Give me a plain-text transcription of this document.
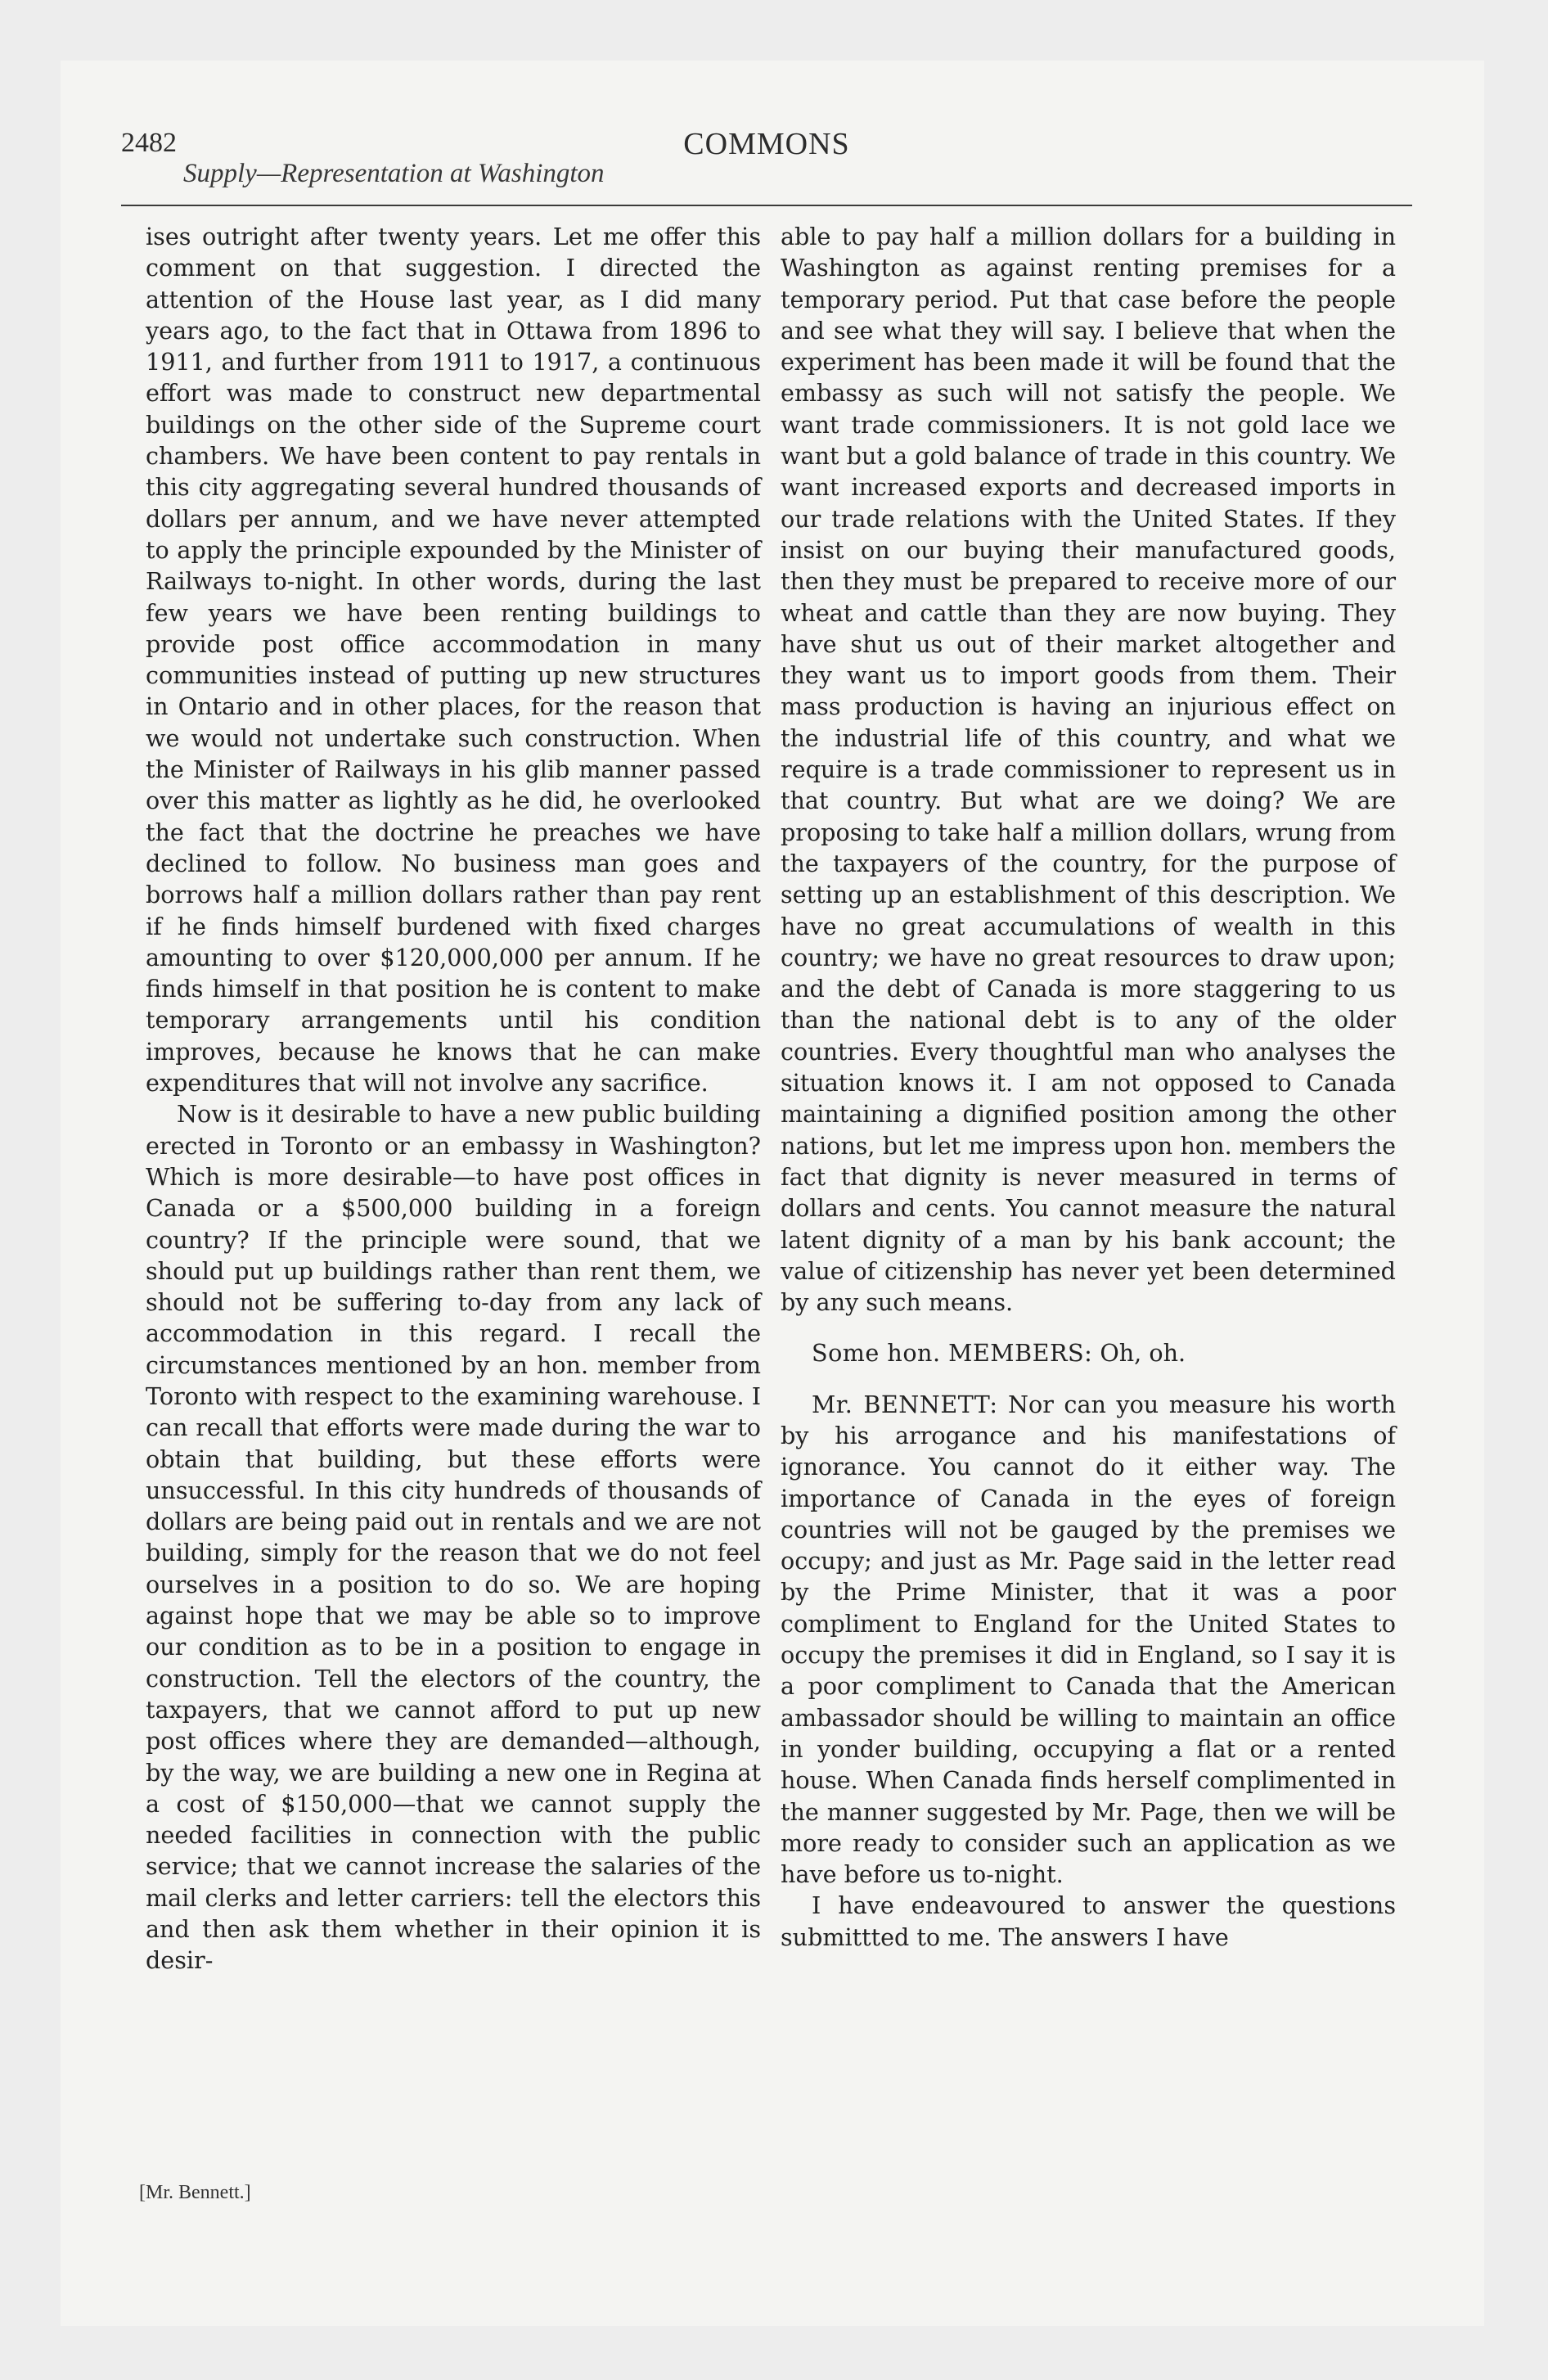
2482	COMMONS
Supply—Representation at Washington

ises outright after twenty years. Let me offer this comment on that suggestion. I directed the attention of the House last year, as I did many years ago, to the fact that in Ottawa from 1896 to 1911, and further from 1911 to 1917, a continuous effort was made to construct new departmental buildings on the other side of the Supreme court chambers. We have been content to pay rentals in this city aggregating several hundred thousands of dollars per annum, and we have never attempted to apply the principle expounded by the Minister of Railways to-night. In other words, during the last few years we have been renting buildings to provide post office accommodation in many communities instead of putting up new structures in Ontario and in other places, for the reason that we would not undertake such construction. When the Minister of Railways in his glib manner passed over this matter as lightly as he did, he overlooked the fact that the doctrine he preaches we have declined to follow. No business man goes and borrows half a million dollars rather than pay rent if he finds himself burdened with fixed charges amounting to over $120,000,000 per annum. If he finds himself in that position he is content to make temporary arrangements until his condition improves, because he knows that he can make expenditures that will not involve any sacrifice.

Now is it desirable to have a new public building erected in Toronto or an embassy in Washington? Which is more desirable—to have post offices in Canada or a $500,000 building in a foreign country? If the principle were sound, that we should put up buildings rather than rent them, we should not be suffering to-day from any lack of accommodation in this regard. I recall the circumstances mentioned by an hon. member from Toronto with respect to the examining warehouse. I can recall that efforts were made during the war to obtain that building, but these efforts were unsuccessful. In this city hundreds of thousands of dollars are being paid out in rentals and we are not building, simply for the reason that we do not feel ourselves in a position to do so. We are hoping against hope that we may be able so to improve our condition as to be in a position to engage in construction. Tell the electors of the country, the taxpayers, that we cannot afford to put up new post offices where they are demanded—although, by the way, we are building a new one in Regina at a cost of $150,000—that we cannot supply the needed facilities in connection with the public service; that we cannot increase the salaries of the mail clerks and letter carriers: tell the electors this and then ask them whether in their opinion it is desir-

able to pay half a million dollars for a building in Washington as against renting premises for a temporary period. Put that case before the people and see what they will say. I believe that when the experiment has been made it will be found that the embassy as such will not satisfy the people. We want trade commissioners. It is not gold lace we want but a gold balance of trade in this country. We want increased exports and decreased imports in our trade relations with the United States. If they insist on our buying their manufactured goods, then they must be prepared to receive more of our wheat and cattle than they are now buying. They have shut us out of their market altogether and they want us to import goods from them. Their mass production is having an injurious effect on the industrial life of this country, and what we require is a trade commissioner to represent us in that country. But what are we doing? We are proposing to take half a million dollars, wrung from the taxpayers of the country, for the purpose of setting up an establishment of this description. We have no great accumulations of wealth in this country; we have no great resources to draw upon; and the debt of Canada is more staggering to us than the national debt is to any of the older countries. Every thoughtful man who analyses the situation knows it. I am not opposed to Canada maintaining a dignified position among the other nations, but let me impress upon hon. members the fact that dignity is never measured in terms of dollars and cents. You cannot measure the natural latent dignity of a man by his bank account; the value of citizenship has never yet been determined by any such means.

Some hon. MEMBERS: Oh, oh.

Mr. BENNETT: Nor can you measure his worth by his arrogance and his manifestations of ignorance. You cannot do it either way. The importance of Canada in the eyes of foreign countries will not be gauged by the premises we occupy; and just as Mr. Page said in the letter read by the Prime Minister, that it was a poor compliment to England for the United States to occupy the premises it did in England, so I say it is a poor compliment to Canada that the American ambassador should be willing to maintain an office in yonder building, occupying a flat or a rented house. When Canada finds herself complimented in the manner suggested by Mr. Page, then we will be more ready to consider such an application as we have before us to-night.

I have endeavoured to answer the questions submittted to me. The answers I have

[Mr. Bennett.]
